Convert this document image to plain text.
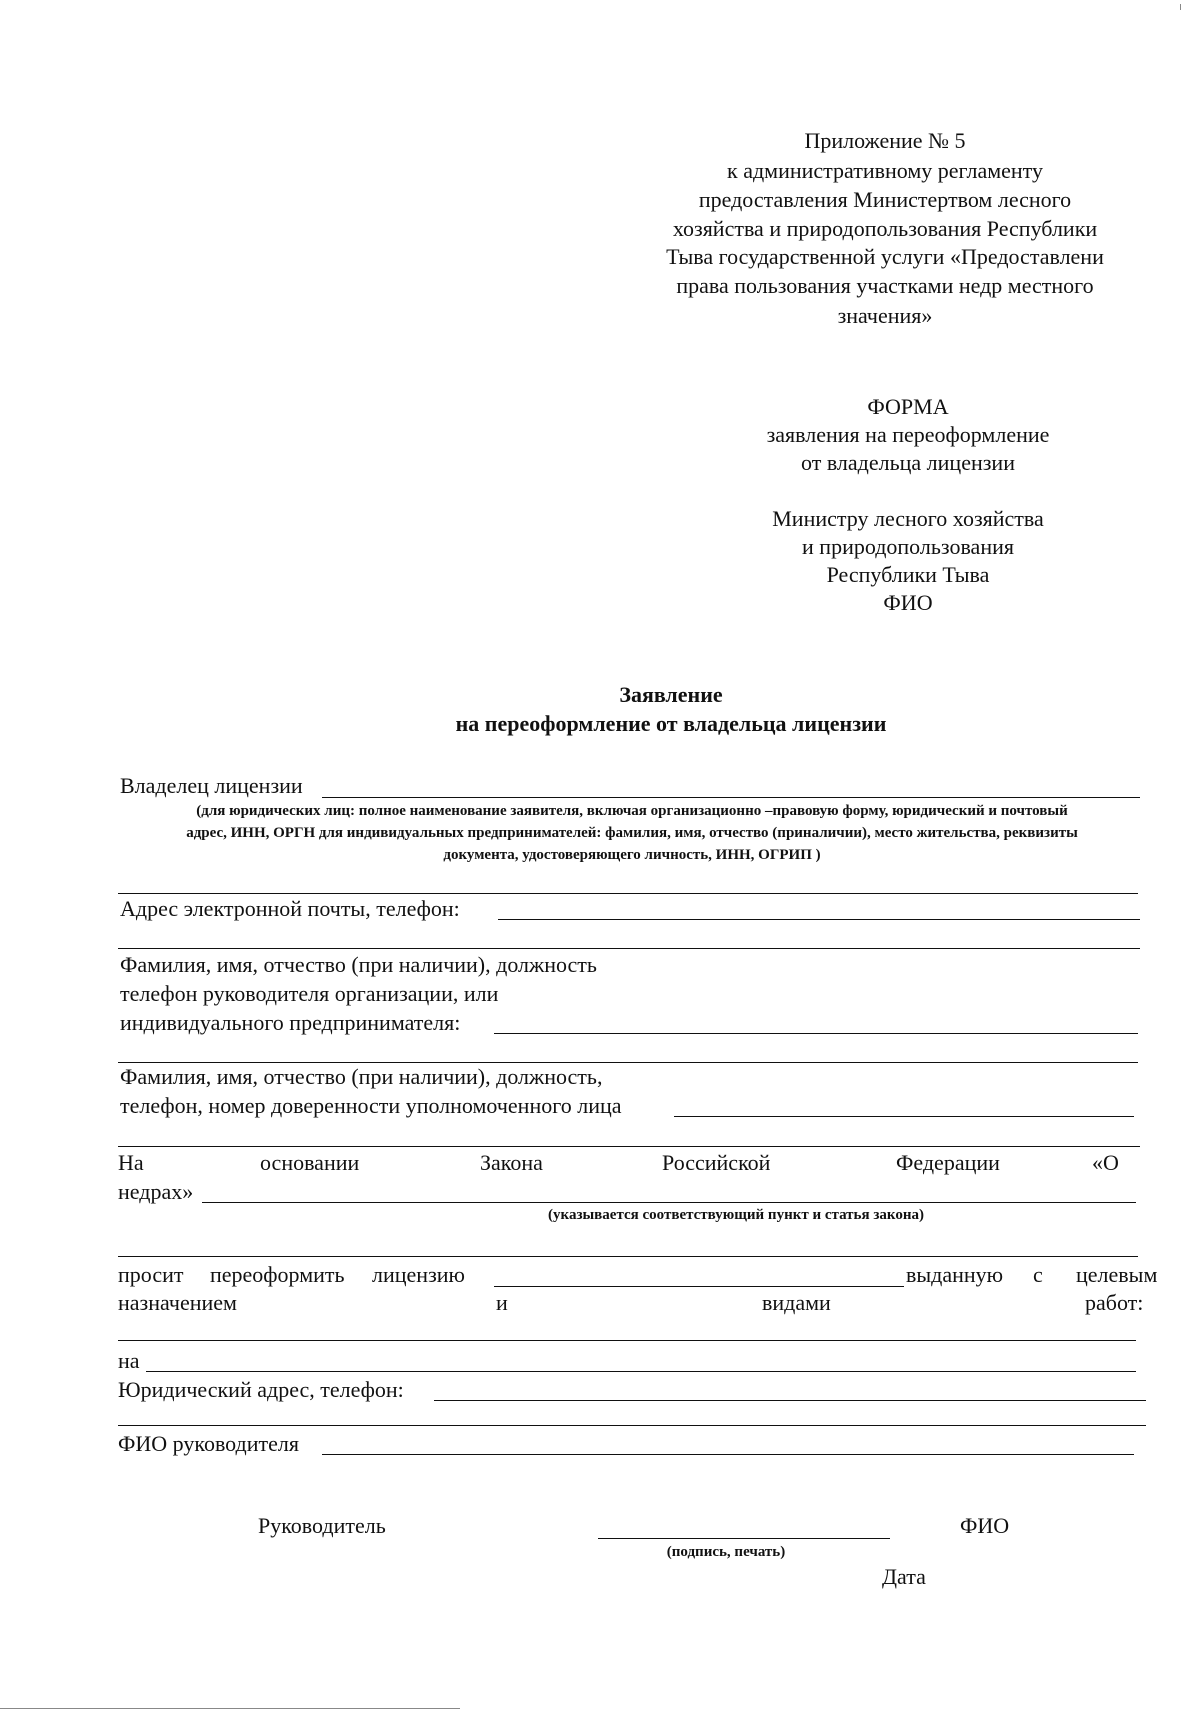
Приложение № 5
к административному регламенту
предоставления Министертвом лесного
хозяйства и природопользования Республики
Тыва государственной услуги «Предоставлени
права пользования участками недр местного
значения»
ФОРМА
заявления на переоформление
от владельца лицензии
Министру лесного хозяйства
и природопользования
Республики Тыва
ФИО
Заявление
на переоформление от владельца лицензии
Владелец лицензии
(для юридических лиц: полное наименование заявителя, включая организационно –правовую форму, юридический и почтовый
адрес, ИНН, ОРГН для индивидуальных предпринимателей: фамилия, имя, отчество (приналичии), место жительства, реквизиты
документа, удостоверяющего личность, ИНН, ОГРИП )
Адрес электронной почты, телефон:
Фамилия, имя, отчество (при наличии), должность
телефон руководителя организации, или
индивидуального предпринимателя:
Фамилия, имя, отчество (при наличии), должность,
телефон, номер доверенности уполномоченного лица
На	основании	Закона	Российской	Федерации	«О
недрах»
(указывается соответствующий пункт и статья закона)
просит переоформить лицензию	выданную с целевым
назначением	и	видами	работ:
на
Юридический адрес, телефон:
ФИО руководителя
Руководитель	ФИО
(подпись, печать)
Дата
